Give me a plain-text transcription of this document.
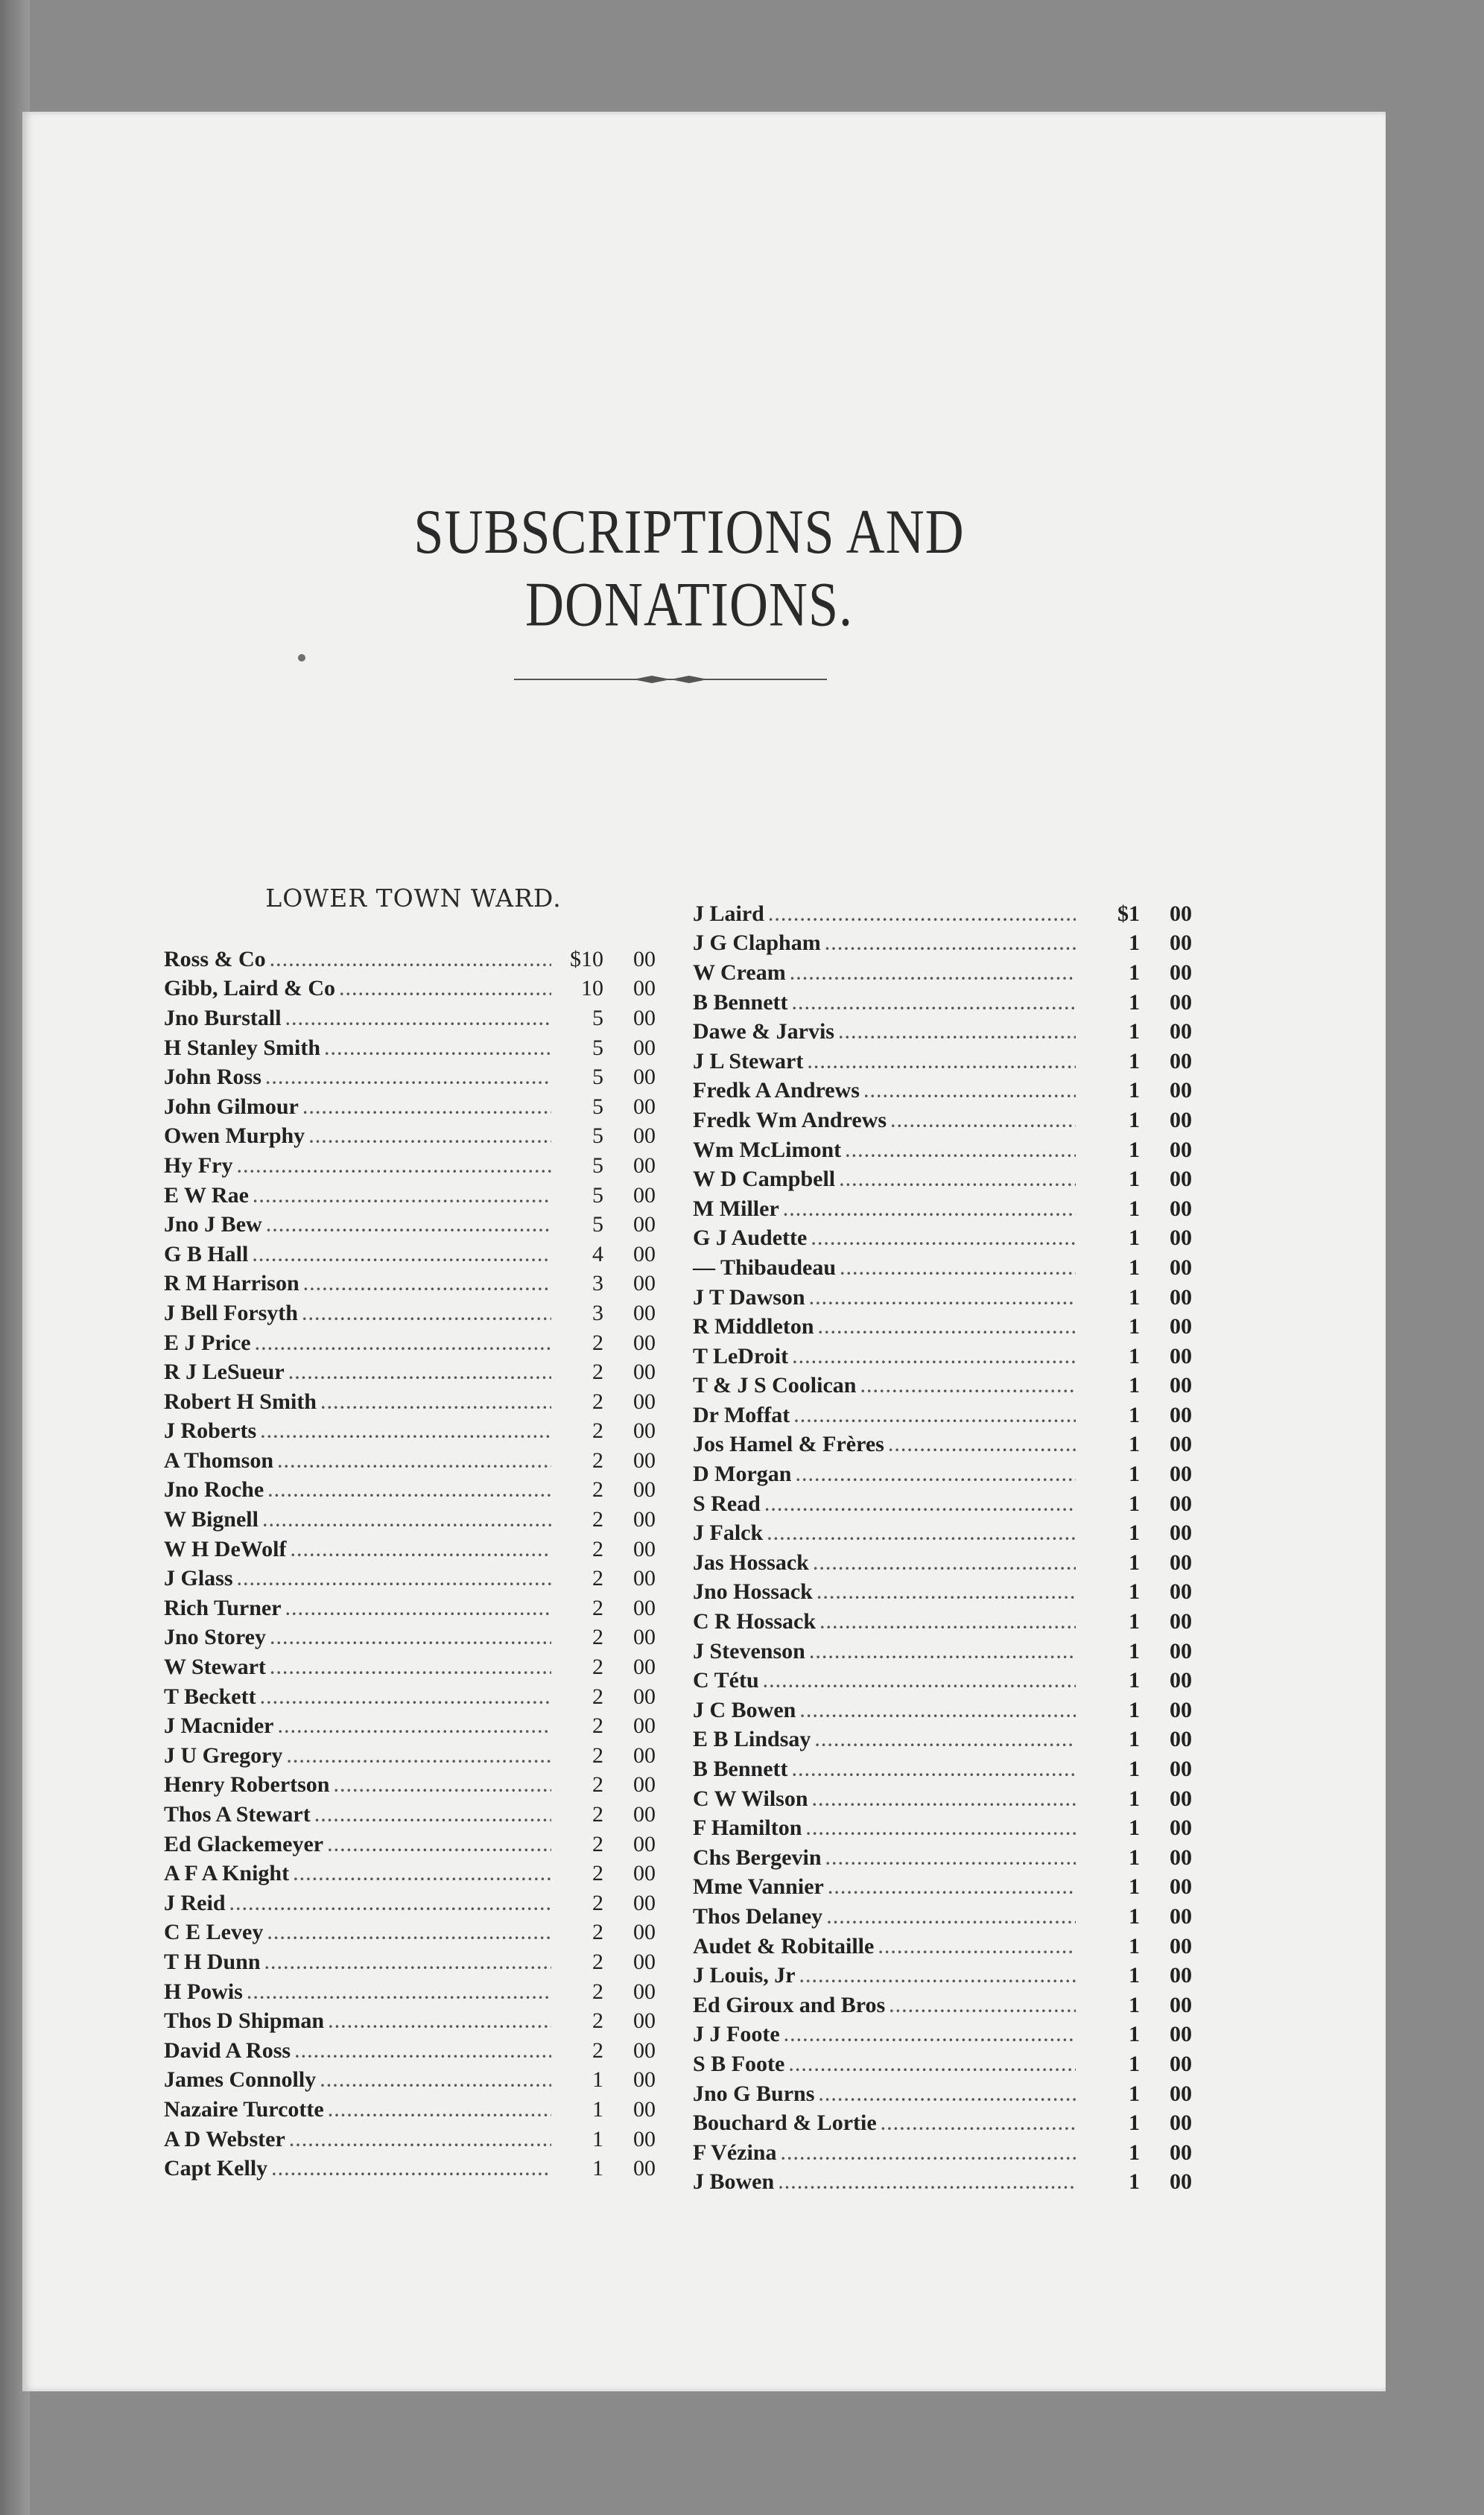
SUBSCRIPTIONS AND DONATIONS.
LOWER TOWN WARD.
Ross & Co .....	$10	00
Gibb, Laird & Co .....	10	00
Jno Burstall .....	5	00
H Stanley Smith .....	5	00
John Ross .....	5	00
John Gilmour .....	5	00
Owen Murphy .....	5	00
Hy Fry .....	5	00
E W Rae .....	5	00
Jno J Bew .....	5	00
G B Hall .....	4	00
R M Harrison .....	3	00
J Bell Forsyth .....	3	00
E J Price .....	2	00
R J LeSueur .....	2	00
Robert H Smith .....	2	00
J Roberts .....	2	00
A Thomson .....	2	00
Jno Roche .....	2	00
W Bignell .....	2	00
W H DeWolf .....	2	00
J Glass .....	2	00
Rich Turner .....	2	00
Jno Storey .....	2	00
W Stewart .....	2	00
T Beckett .....	2	00
J Macnider .....	2	00
J U Gregory .....	2	00
Henry Robertson .....	2	00
Thos A Stewart .....	2	00
Ed Glackemeyer .....	2	00
A F A Knight .....	2	00
J Reid .....	2	00
C E Levey .....	2	00
T H Dunn .....	2	00
H Powis .....	2	00
Thos D Shipman .....	2	00
David A Ross .....	2	00
James Connolly .....	1	00
Nazaire Turcotte .....	1	00
A D Webster .....	1	00
Capt Kelly .....	1	00
J Laird .....	$1	00
J G Clapham .....	1	00
W Cream .....	1	00
B Bennett .....	1	00
Dawe & Jarvis .....	1	00
J L Stewart .....	1	00
Fredk A Andrews .....	1	00
Fredk Wm Andrews .....	1	00
Wm McLimont .....	1	00
W D Campbell .....	1	00
M Miller .....	1	00
G J Audette .....	1	00
— Thibaudeau .....	1	00
J T Dawson .....	1	00
R Middleton .....	1	00
T LeDroit .....	1	00
T & J S Coolican .....	1	00
Dr Moffat .....	1	00
Jos Hamel & Frères .....	1	00
D Morgan .....	1	00
S Read .....	1	00
J Falck .....	1	00
Jas Hossack .....	1	00
Jno Hossack .....	1	00
C R Hossack .....	1	00
J Stevenson .....	1	00
C Tétu .....	1	00
J C Bowen .....	1	00
E B Lindsay .....	1	00
B Bennett .....	1	00
C W Wilson .....	1	00
F Hamilton .....	1	00
Chs Bergevin .....	1	00
Mme Vannier .....	1	00
Thos Delaney .....	1	00
Audet & Robitaille .....	1	00
J Louis, Jr .....	1	00
Ed Giroux and Bros .....	1	00
J J Foote .....	1	00
S B Foote .....	1	00
Jno G Burns .....	1	00
Bouchard & Lortie .....	1	00
F Vézina .....	1	00
J Bowen .....	1	00
